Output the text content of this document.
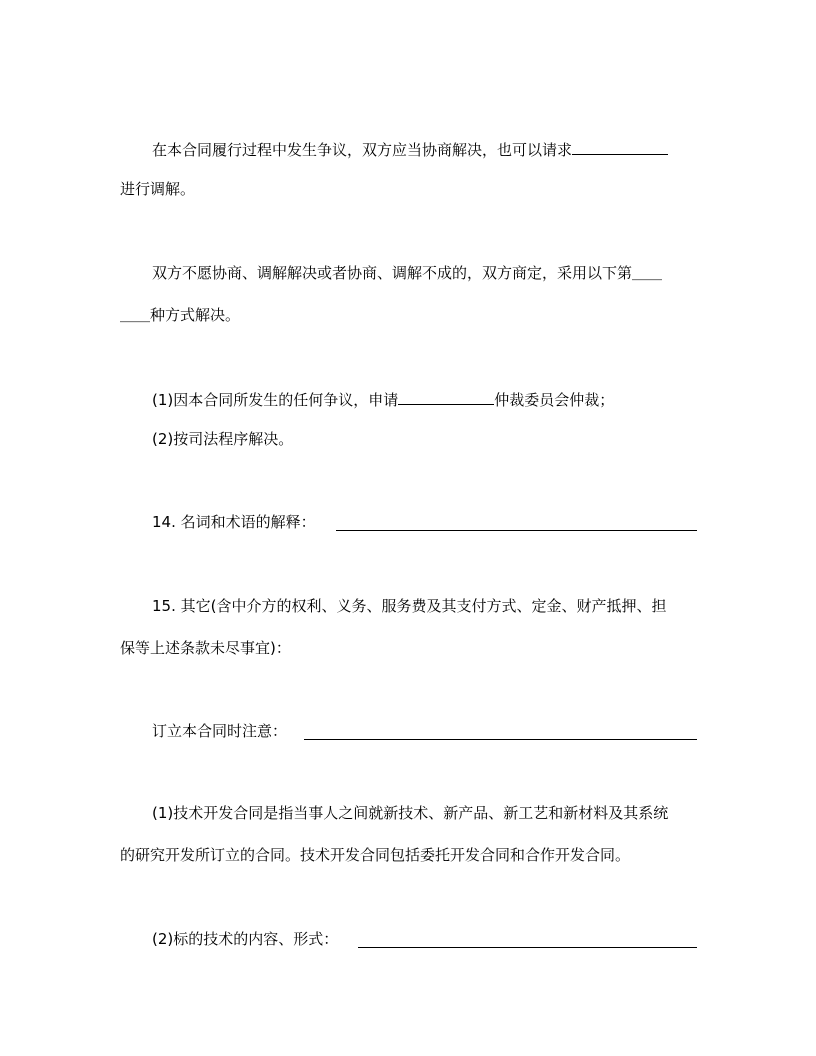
在本合同履行过程中发生争议，双方应当协商解决，也可以请求
进行调解。
双方不愿协商、调解解决或者协商、调解不成的，双方商定，采用以下第＿＿
＿＿种方式解决。
(1)因本合同所发生的任何争议，申请	仲裁委员会仲裁；
(2)按司法程序解决。
14. 名词和术语的解释：
15. 其它(含中介方的权利、义务、服务费及其支付方式、定金、财产抵押、担
保等上述条款未尽事宜)：
订立本合同时注意：
(1)技术开发合同是指当事人之间就新技术、新产品、新工艺和新材料及其系统
的研究开发所订立的合同。技术开发合同包括委托开发合同和合作开发合同。
(2)标的技术的内容、形式：
